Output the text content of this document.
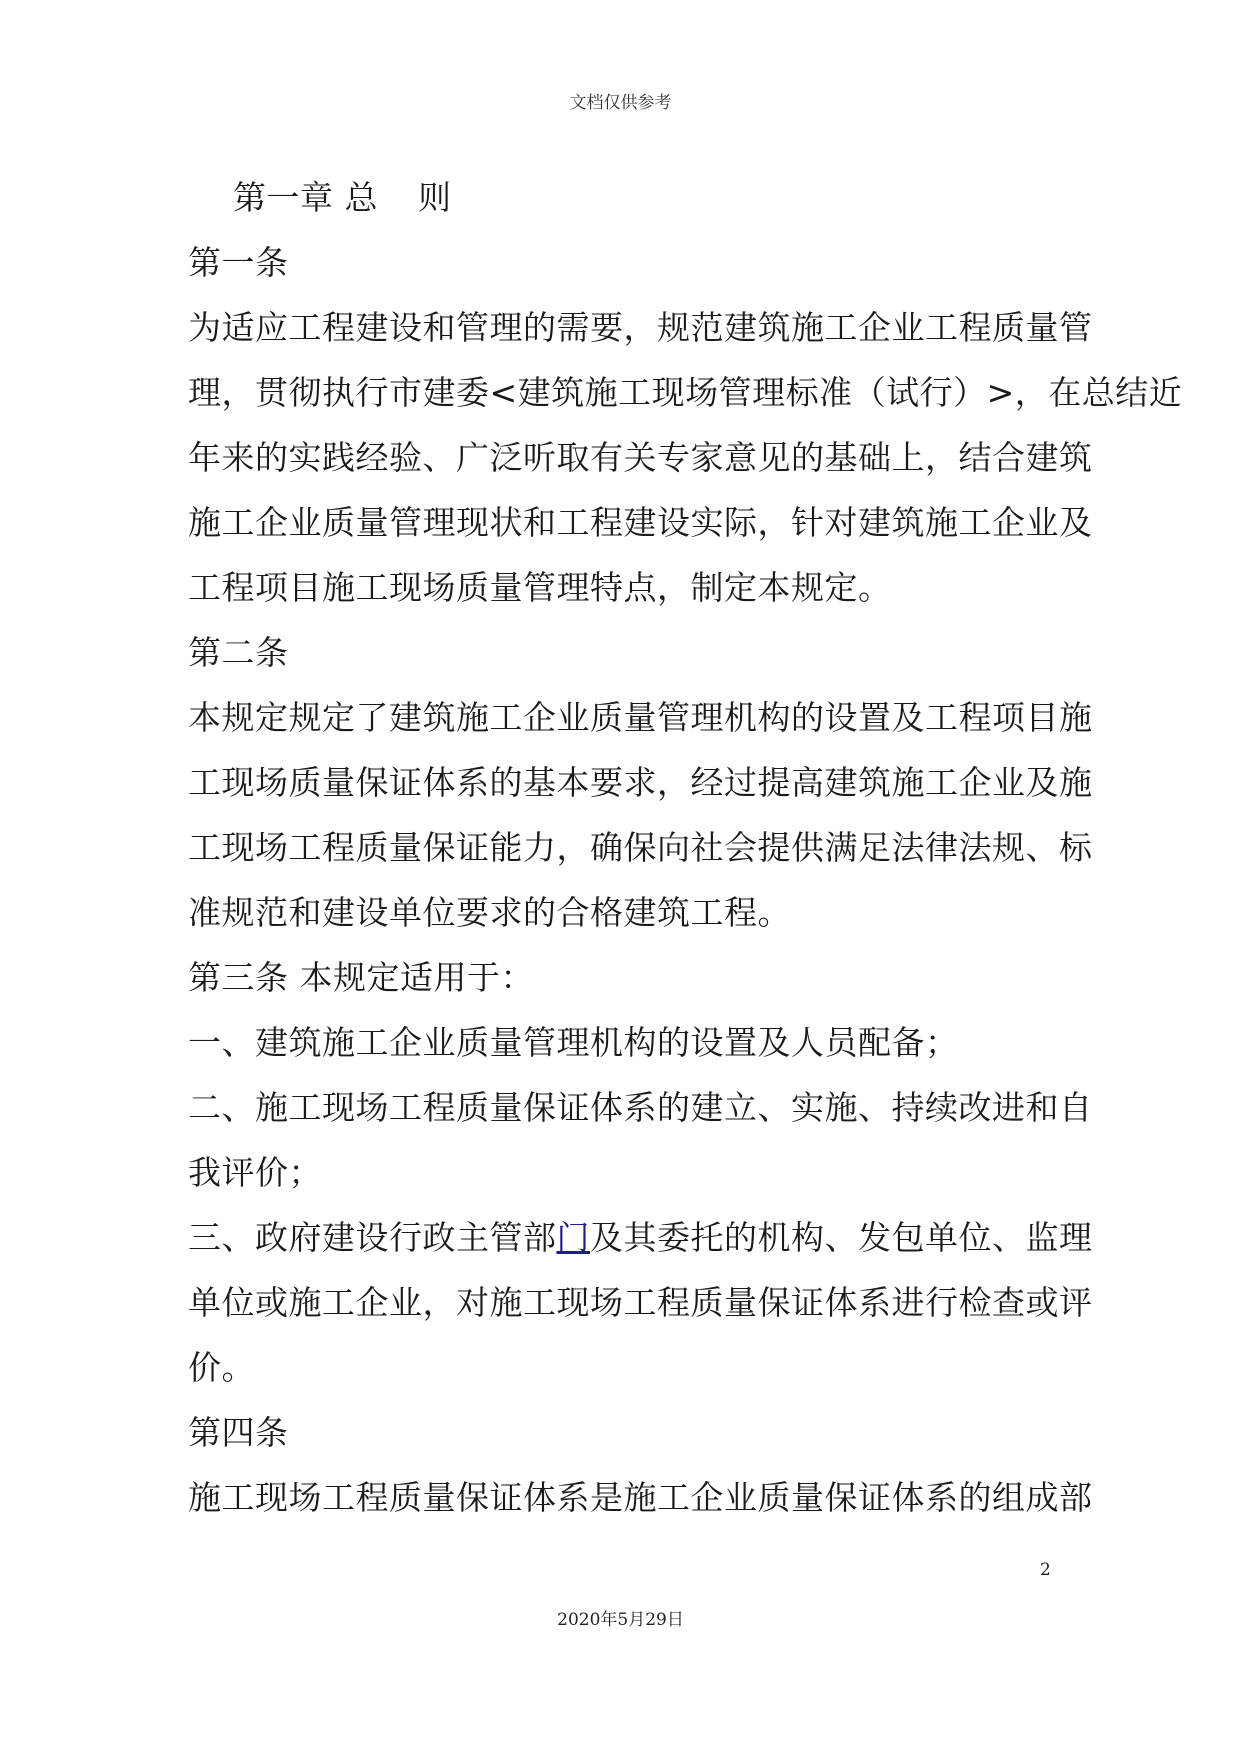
文档仅供参考
第一章 总 则
第一条
为适应工程建设和管理的需要，规范建筑施工企业工程质量管
理，贯彻执行市建委<建筑施工现场管理标准（试行）>，在总结近
年来的实践经验、广泛听取有关专家意见的基础上，结合建筑
施工企业质量管理现状和工程建设实际，针对建筑施工企业及
工程项目施工现场质量管理特点，制定本规定。
第二条
本规定规定了建筑施工企业质量管理机构的设置及工程项目施
工现场质量保证体系的基本要求，经过提高建筑施工企业及施
工现场工程质量保证能力，确保向社会提供满足法律法规、标
准规范和建设单位要求的合格建筑工程。
第三条 本规定适用于：
一、建筑施工企业质量管理机构的设置及人员配备；
二、施工现场工程质量保证体系的建立、实施、持续改进和自
我评价；
三、政府建设行政主管部门及其委托的机构、发包单位、监理
单位或施工企业，对施工现场工程质量保证体系进行检查或评
价。
第四条
施工现场工程质量保证体系是施工企业质量保证体系的组成部
2
2020年5月29日
